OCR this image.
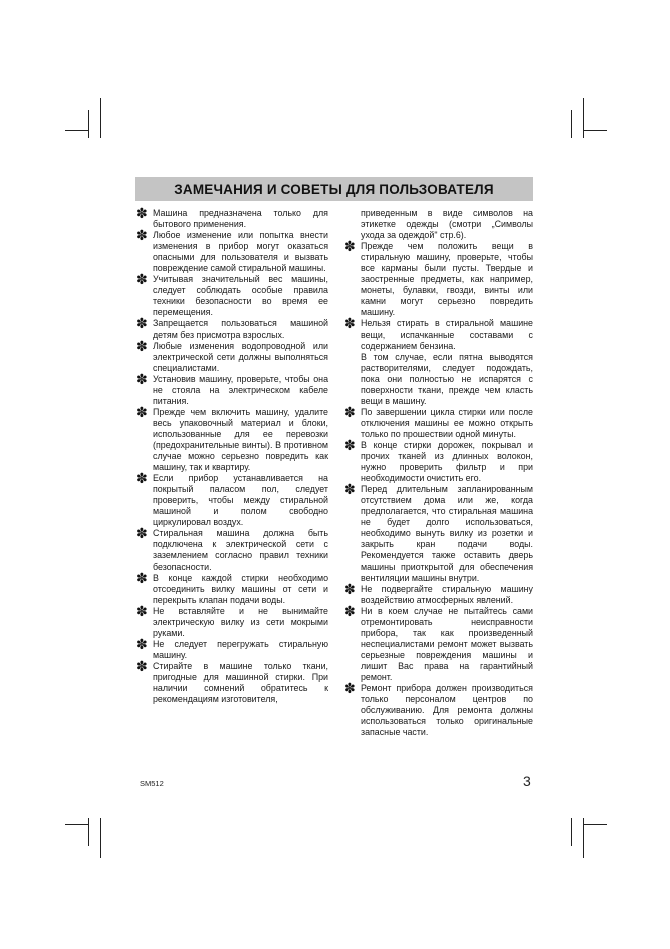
ЗАМЕЧАНИЯ И СОВЕТЫ ДЛЯ ПОЛЬЗОВАТЕЛЯ
✽ Машина предназначена только для бытового применения.
✽ Любое изменение или попытка внести изменения в прибор могут оказаться опасными для пользователя и вызвать повреждение самой стиральной машины.
✽ Учитывая значительный вес машины, следует соблюдать особые правила техники безопасности во время ее перемещения.
✽ Запрещается пользоваться машиной детям без присмотра взрослых.
✽ Любые изменения водопроводной или электрической сети должны выполняться специалистами.
✽ Установив машину, проверьте, чтобы она не стояла на электрическом кабеле питания.
✽ Прежде чем включить машину, удалите весь упаковочный материал и блоки, использованные для ее перевозки (предохранительные винты). В противном случае можно серьезно повредить как машину, так и квартиру.
✽ Если прибор устанавливается на покрытый паласом пол, следует проверить, чтобы между стиральной машиной и полом свободно циркулировал воздух.
✽ Стиральная машина должна быть подключена к электрической сети с заземлением согласно правил техники безопасности.
✽ В конце каждой стирки необходимо отсоединить вилку машины от сети и перекрыть клапан подачи воды.
✽ Не вставляйте и не вынимайте электрическую вилку из сети мокрыми руками.
✽ Не следует перегружать стиральную машину.
✽ Стирайте в машине только ткани, пригодные для машинной стирки. При наличии сомнений обратитесь к рекомендациям изготовителя,
приведенным в виде символов на этикетке одежды (смотри „Символы ухода за одеждой" стр.6).
✽ Прежде чем положить вещи в стиральную машину, проверьте, чтобы все карманы были пусты. Твердые и заостренные предметы, как например, монеты, булавки, гвозди, винты или камни могут серьезно повредить машину.
✽ Нельзя стирать в стиральной машине вещи, испачканные составами с содержанием бензина.
В том случае, если пятна выводятся растворителями, следует подождать, пока они полностью не испарятся с поверхности ткани, прежде чем класть вещи в машину.
✽ По завершении цикла стирки или после отключения машины ее можно открыть только по прошествии одной минуты.
✽ В конце стирки дорожек, покрывал и прочих тканей из длинных волокон, нужно проверить фильтр и при необходимости очистить его.
✽ Перед длительным запланированным отсутствием дома или же, когда предполагается, что стиральная машина не будет долго использоваться, необходимо вынуть вилку из розетки и закрыть кран подачи воды. Рекомендуется также оставить дверь машины приоткрытой для обеспечения вентиляции машины внутри.
✽ Не подвергайте стиральную машину воздействию атмосферных явлений.
✽ Ни в коем случае не пытайтесь сами отремонтировать неисправности прибора, так как произведенный неспециалистами ремонт может вызвать серьезные повреждения машины и лишит Вас права на гарантийный ремонт.
✽ Ремонт прибора должен производиться только персоналом центров по обслуживанию. Для ремонта должны использоваться только оригинальные запасные части.
SM512	3
